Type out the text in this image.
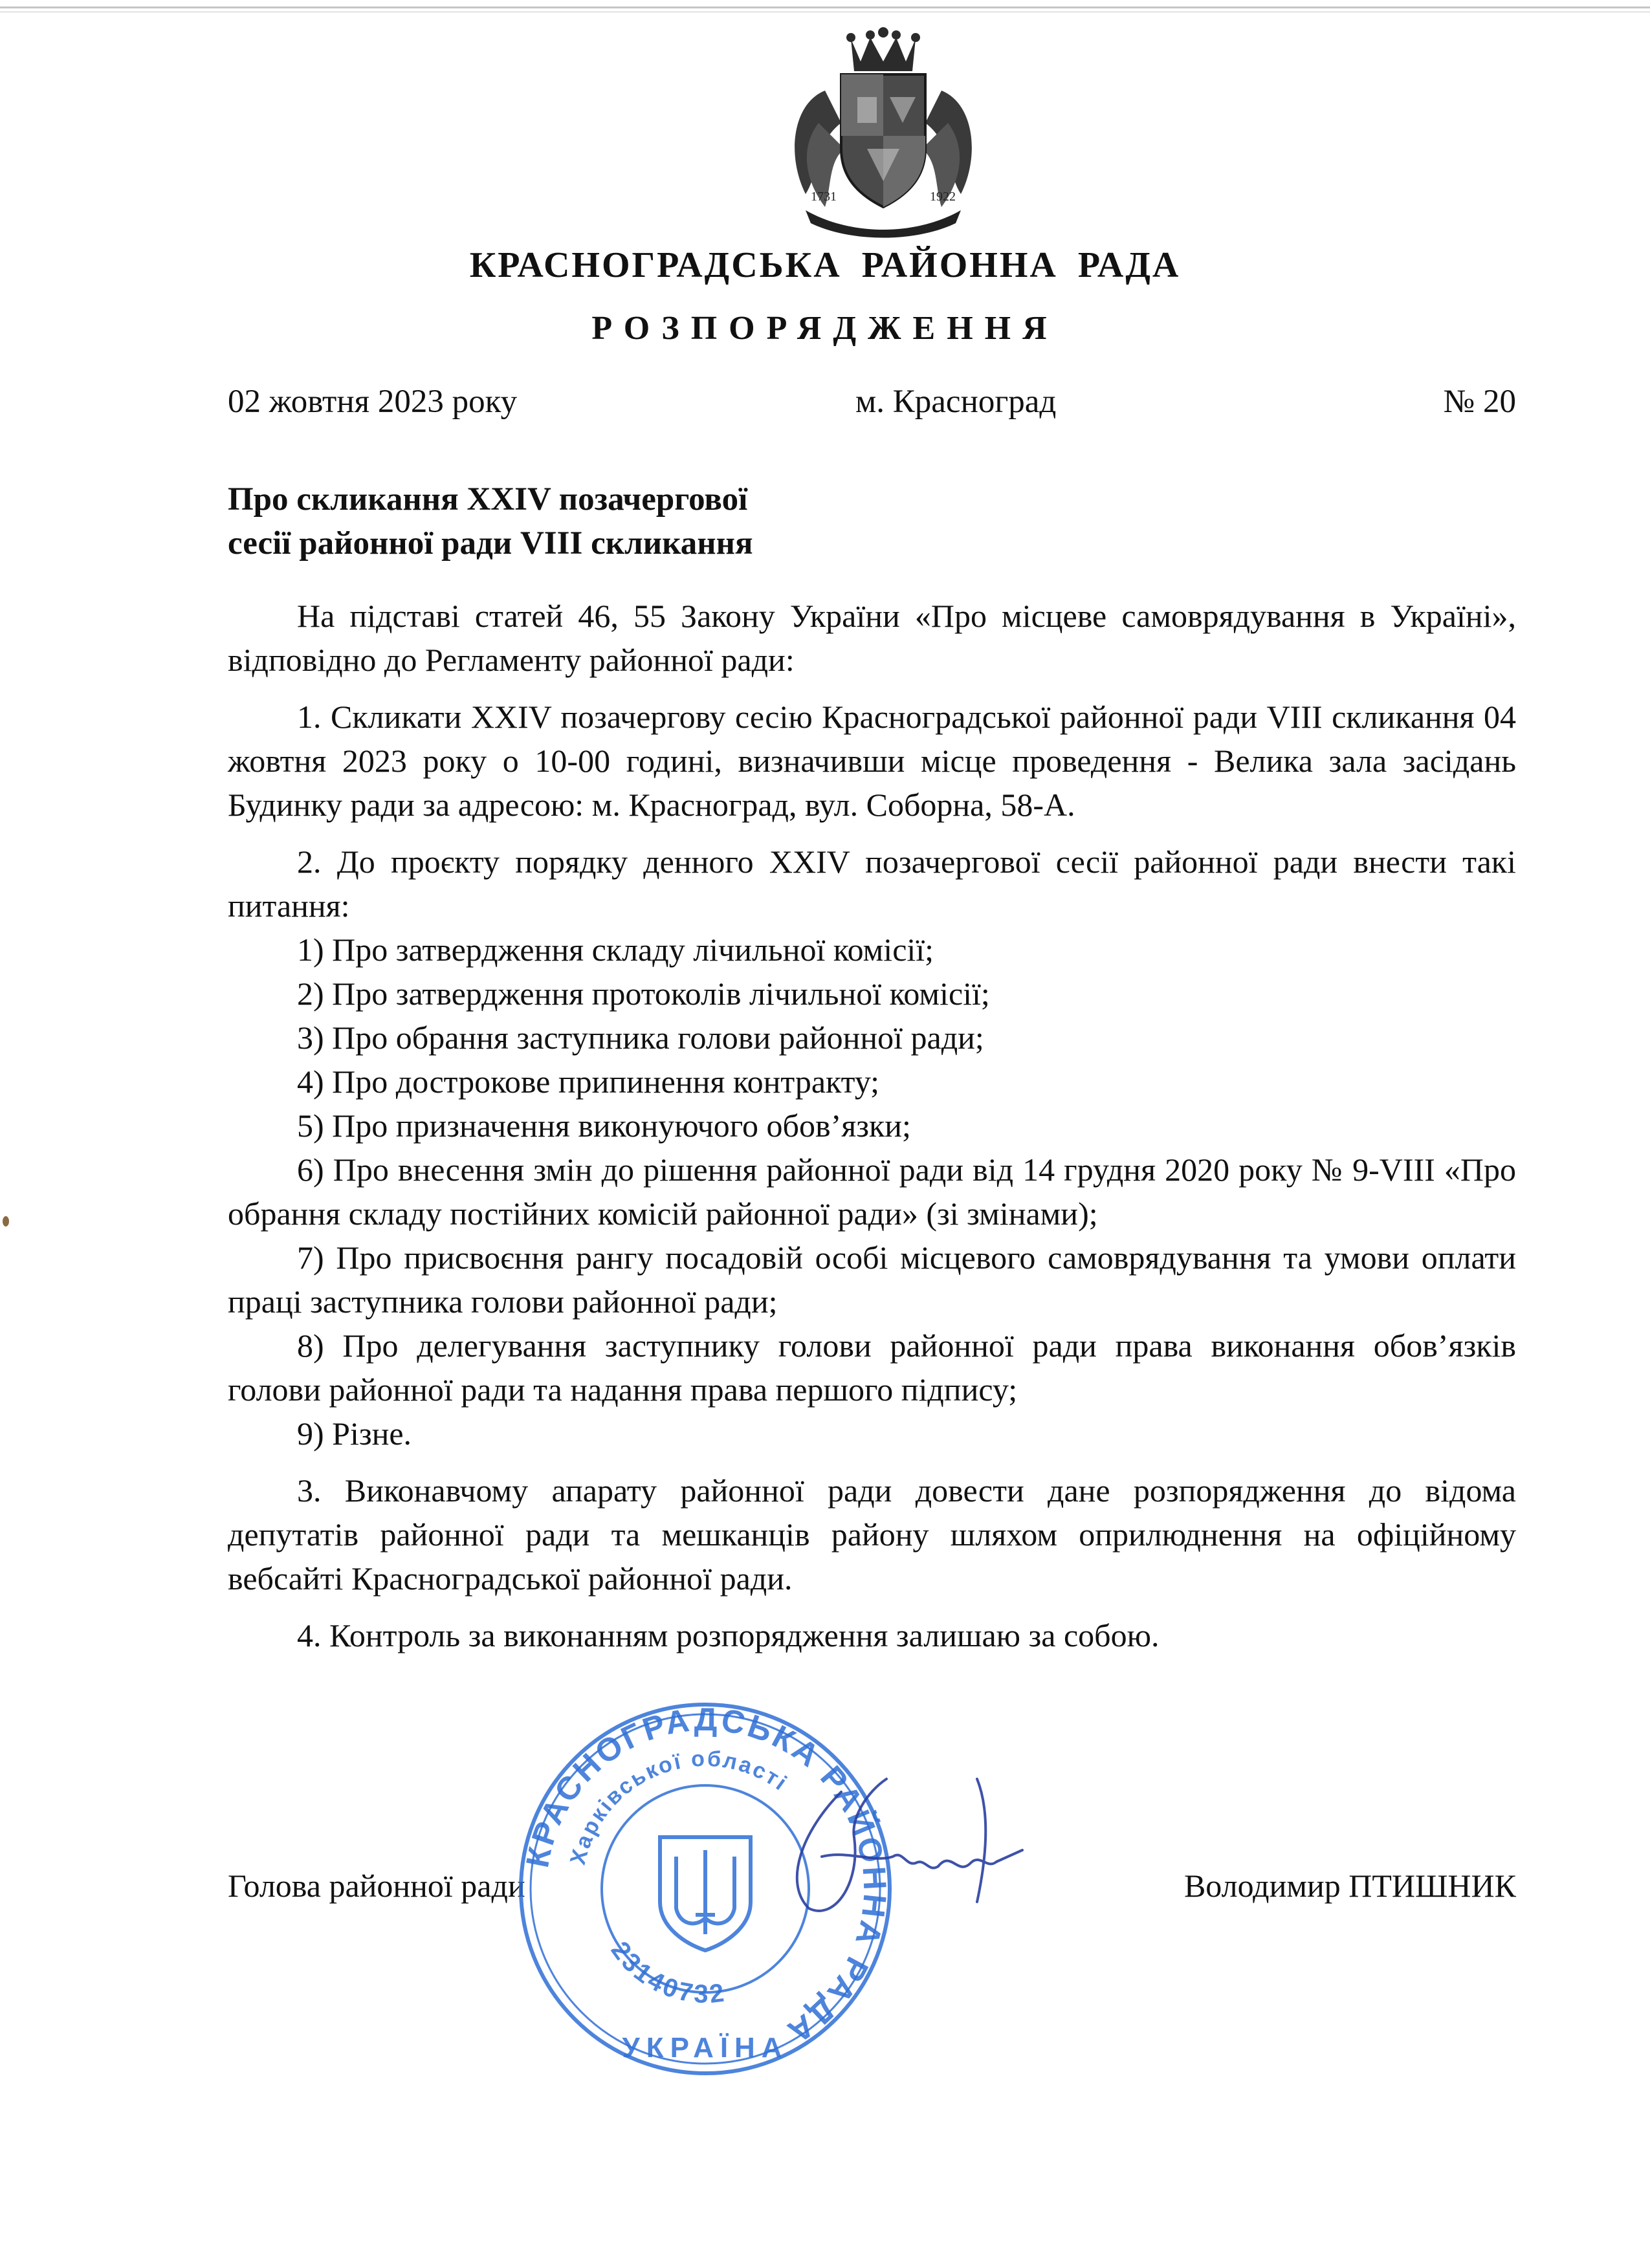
1731	1922
КРАСНОГРАДСЬКА РАЙОННА РАДА
РОЗПОРЯДЖЕННЯ
02 жовтня 2023 року	м. Красноград	№ 20
Про скликання XXIV позачергової
сесії районної ради VIII скликання

На підставі статей 46, 55 Закону України «Про місцеве самоврядування в Україні», відповідно до Регламенту районної ради:

1. Скликати XXIV позачергову сесію Красноградської районної ради VIII скликання 04 жовтня 2023 року о 10-00 годині, визначивши місце проведення - Велика зала засідань Будинку ради за адресою: м. Красноград, вул. Соборна, 58-А.

2. До проєкту порядку денного XXIV позачергової сесії районної ради внести такі питання:

1) Про затвердження складу лічильної комісії;

2) Про затвердження протоколів лічильної комісії;

3) Про обрання заступника голови районної ради;

4) Про дострокове припинення контракту;

5) Про призначення виконуючого обов’язки;

6) Про внесення змін до рішення районної ради від 14 грудня 2020 року № 9-VIII «Про обрання складу постійних комісій районної ради» (зі змінами);

7) Про присвоєння рангу посадовій особі місцевого самоврядування та умови оплати праці заступника голови районної ради;

8) Про делегування заступнику голови районної ради права виконання обов’язків голови районної ради та надання права першого підпису;

9) Різне.

3. Виконавчому апарату районної ради довести дане розпорядження до відома депутатів районної ради та мешканців району шляхом оприлюднення на офіційному вебсайті Красноградської районної ради.

4. Контроль за виконанням розпорядження залишаю за собою.

Голова районної ради	Володимир ПТИШНИК
КРАСНОГРАДСЬКА РАЙОННА РАДА
Харківської області
23140732
УКРАЇНА
